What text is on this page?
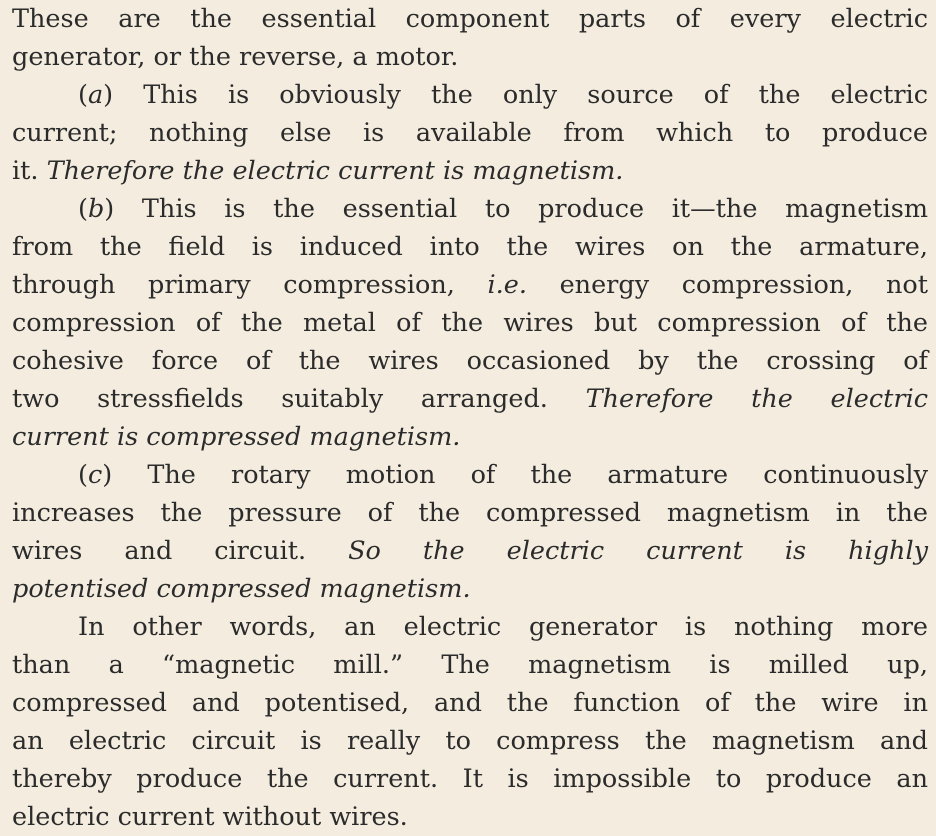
These are the essential component parts of every electric
generator, or the reverse, a motor.

(a) This is obviously the only source of the electric
current; nothing else is available from which to produce
it. Therefore the electric current is magnetism.

(b) This is the essential to produce it—the magnetism
from the field is induced into the wires on the armature,
through primary compression, i.e. energy compression, not
compression of the metal of the wires but compression of the
cohesive force of the wires occasioned by the crossing of
two stressfields suitably arranged. Therefore the electric
current is compressed magnetism.

(c) The rotary motion of the armature continuously
increases the pressure of the compressed magnetism in the
wires and circuit. So the electric current is highly
potentised compressed magnetism.

In other words, an electric generator is nothing more
than a “magnetic mill.” The magnetism is milled up,
compressed and potentised, and the function of the wire in
an electric circuit is really to compress the magnetism and
thereby produce the current. It is impossible to produce an
electric current without wires.
